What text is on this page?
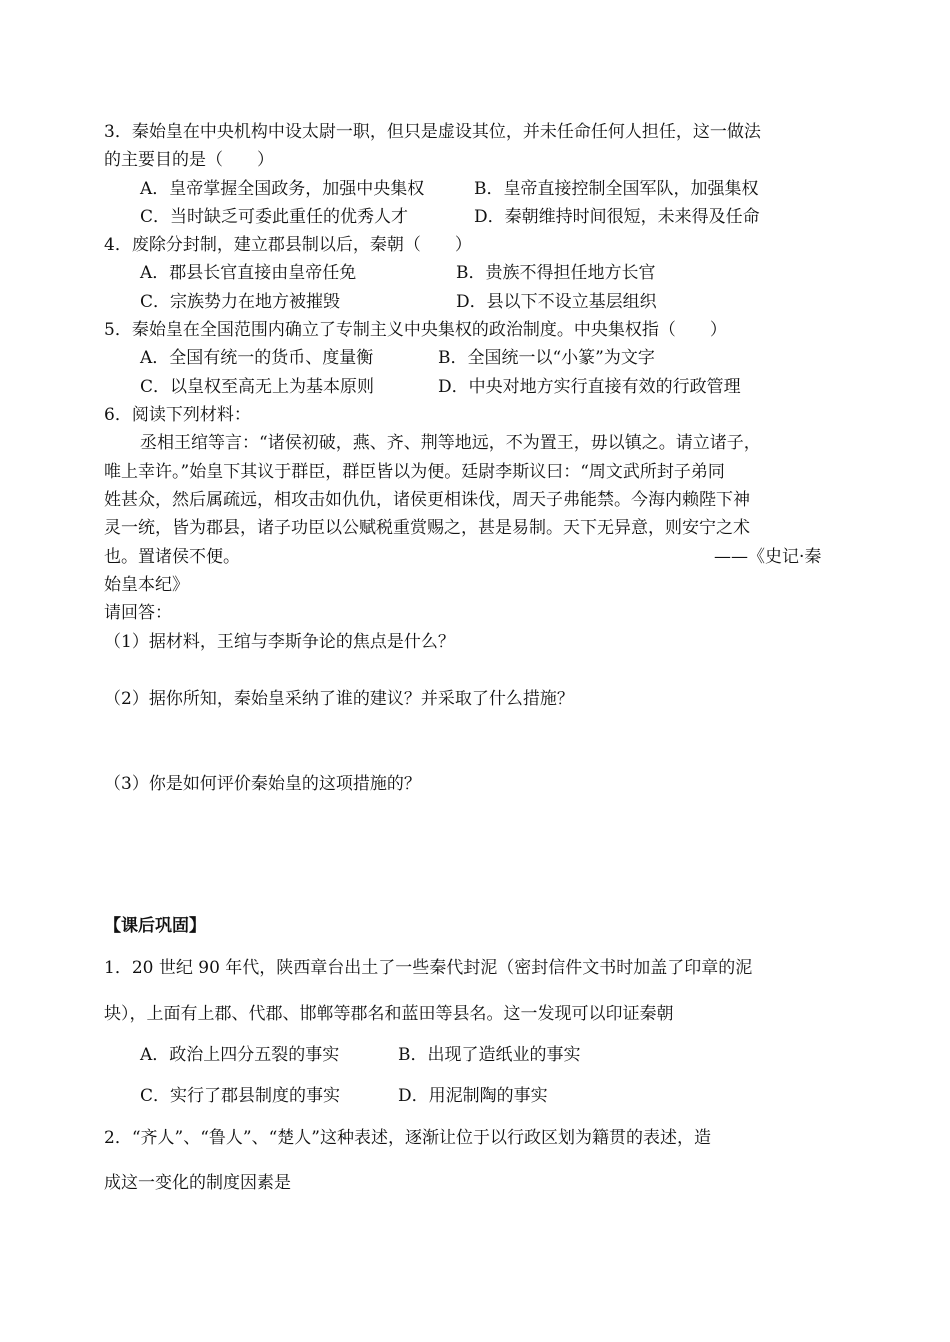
3．秦始皇在中央机构中设太尉一职，但只是虚设其位，并未任命任何人担任，这一做法
的主要目的是（　　）
A．皇帝掌握全国政务，加强中央集权	B．皇帝直接控制全国军队，加强集权
C．当时缺乏可委此重任的优秀人才	D．秦朝维持时间很短，未来得及任命
4．废除分封制，建立郡县制以后，秦朝（　　）
A．郡县长官直接由皇帝任免	B．贵族不得担任地方长官
C．宗族势力在地方被摧毁	D．县以下不设立基层组织
5．秦始皇在全国范围内确立了专制主义中央集权的政治制度。中央集权指（　　）
A．全国有统一的货币、度量衡	B．全国统一以“小篆”为文字
C．以皇权至高无上为基本原则	D．中央对地方实行直接有效的行政管理
6．阅读下列材料：
丞相王绾等言：“诸侯初破，燕、齐、荆等地远，不为置王，毋以镇之。请立诸子，
唯上幸许。”始皇下其议于群臣，群臣皆以为便。廷尉李斯议曰：“周文武所封子弟同
姓甚众，然后属疏远，相攻击如仇仇，诸侯更相诛伐，周天子弗能禁。今海内赖陛下神
灵一统，皆为郡县，诸子功臣以公赋税重赏赐之，甚是易制。天下无异意，则安宁之术
也。置诸侯不便。	——《史记·秦
始皇本纪》
请回答：
（1）据材料，王绾与李斯争论的焦点是什么？
（2）据你所知，秦始皇采纳了谁的建议？并采取了什么措施？
（3）你是如何评价秦始皇的这项措施的？
【课后巩固】
1．20 世纪 90 年代，陕西章台出土了一些秦代封泥（密封信件文书时加盖了印章的泥
块），上面有上郡、代郡、邯郸等郡名和蓝田等县名。这一发现可以印证秦朝
A．政治上四分五裂的事实	B．出现了造纸业的事实
C．实行了郡县制度的事实	D．用泥制陶的事实
2．“齐人”、“鲁人”、“楚人”这种表述，逐渐让位于以行政区划为籍贯的表述，造
成这一变化的制度因素是
